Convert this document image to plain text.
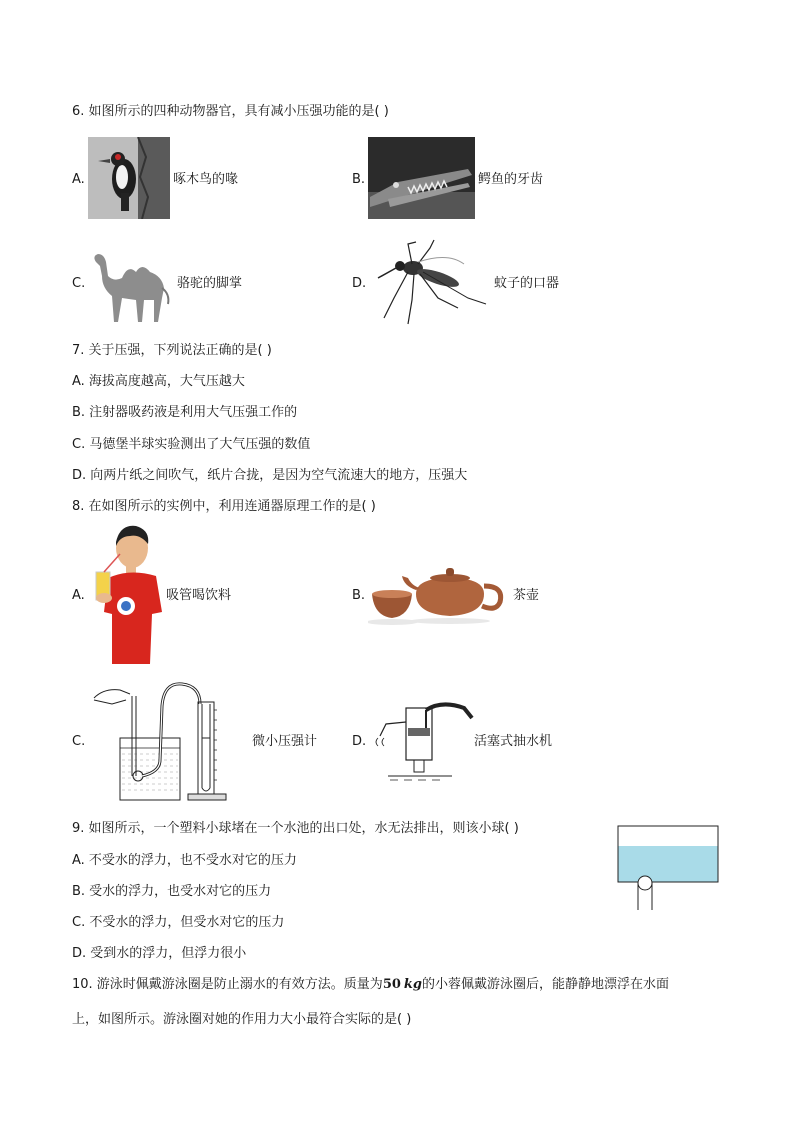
6. 如图所示的四种动物器官，具有减小压强功能的是( )
A.	啄木鸟的喙	B.	鳄鱼的牙齿
C.	骆驼的脚掌	D.	蚊子的口器
7. 关于压强，下列说法正确的是( )
A. 海拔高度越高，大气压越大
B. 注射器吸药液是利用大气压强工作的
C. 马德堡半球实验测出了大气压强的数值
D. 向两片纸之间吹气，纸片合拢，是因为空气流速大的地方，压强大
8. 在如图所示的实例中，利用连通器原理工作的是( )
A.	吸管喝饮料	B.	茶壶
C.	微小压强计	D.	活塞式抽水机
9. 如图所示，一个塑料小球堵在一个水池的出口处，水无法排出，则该小球( )
A. 不受水的浮力，也不受水对它的压力
B. 受水的浮力，也受水对它的压力
C. 不受水的浮力，但受水对它的压力
D. 受到水的浮力，但浮力很小
10. 游泳时佩戴游泳圈是防止溺水的有效方法。质量为50 kg的小蓉佩戴游泳圈后，能静静地漂浮在水面
上，如图所示。游泳圈对她的作用力大小最符合实际的是( )
